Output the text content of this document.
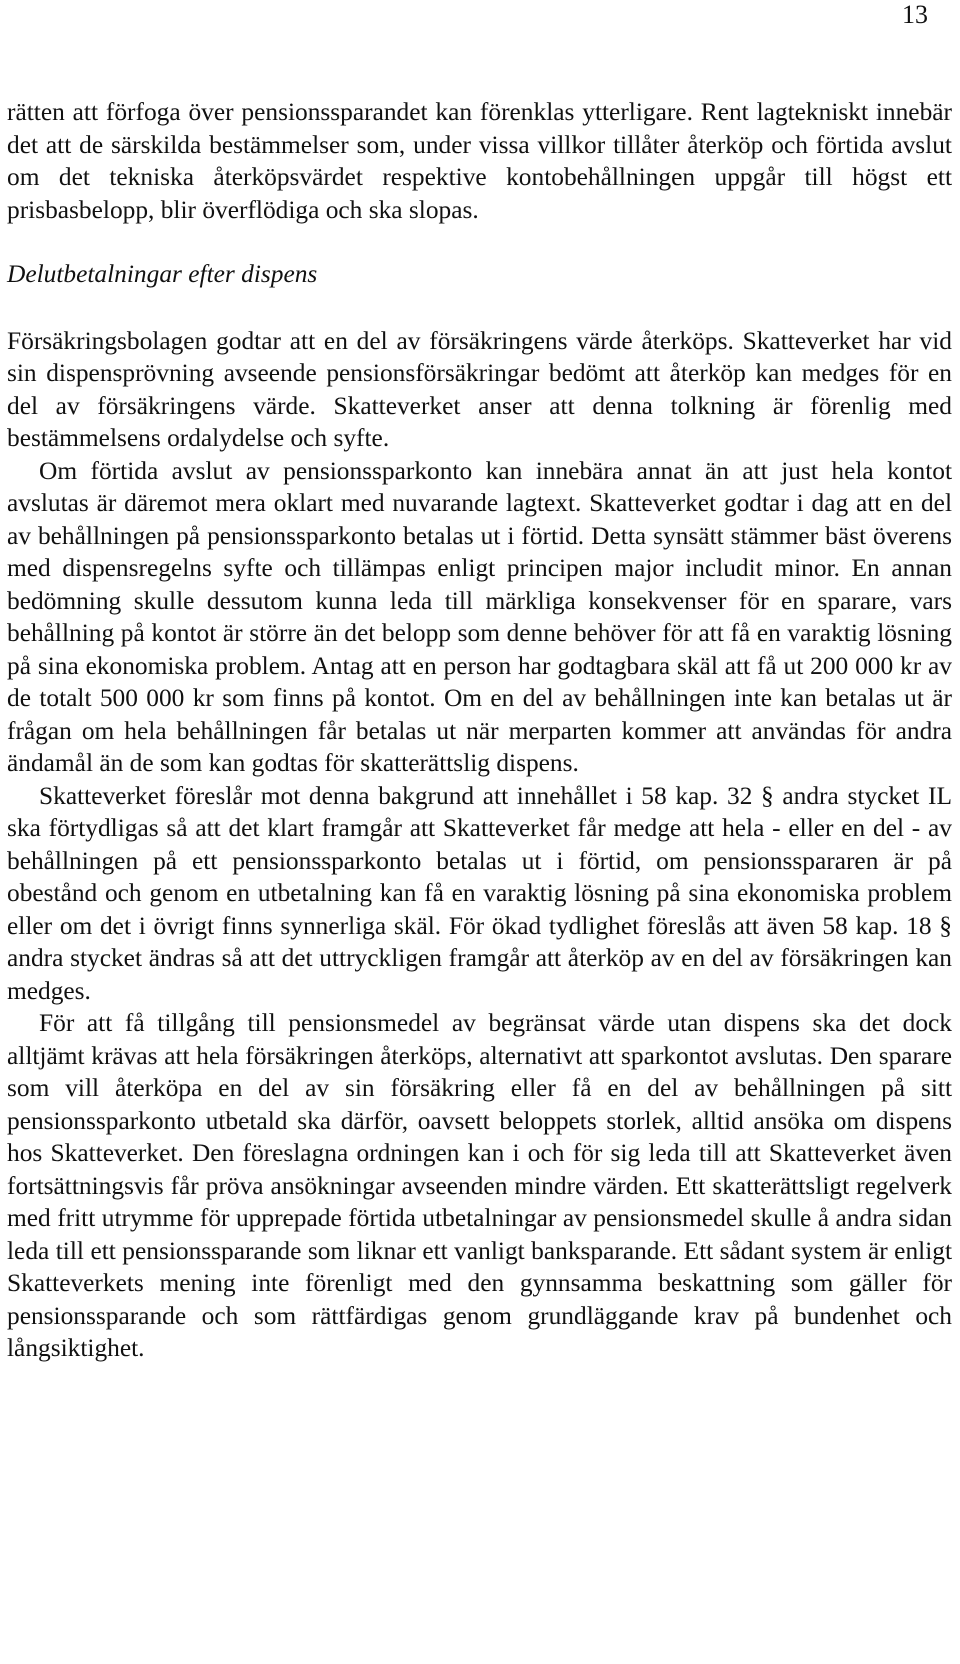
13

rätten att förfoga över pensionssparandet kan förenklas ytterligare. Rent lagtekniskt innebär det att de särskilda bestämmelser som, under vissa villkor tillåter återköp och förtida avslut om det tekniska återköpsvärdet respektive kontobehållningen uppgår till högst ett prisbasbelopp, blir överflödiga och ska slopas.

Delutbetalningar efter dispens

Försäkringsbolagen godtar att en del av försäkringens värde återköps. Skatteverket har vid sin dispensprövning avseende pensionsförsäkringar bedömt att återköp kan medges för en del av försäkringens värde. Skatteverket anser att denna tolkning är förenlig med bestämmelsens ordalydelse och syfte.

Om förtida avslut av pensionssparkonto kan innebära annat än att just hela kontot avslutas är däremot mera oklart med nuvarande lagtext. Skatteverket godtar i dag att en del av behållningen på pensionssparkonto betalas ut i förtid. Detta synsätt stämmer bäst överens med dispensregelns syfte och tillämpas enligt principen major includit minor. En annan bedömning skulle dessutom kunna leda till märkliga konsekvenser för en sparare, vars behållning på kontot är större än det belopp som denne behöver för att få en varaktig lösning på sina ekonomiska problem. Antag att en person har godtagbara skäl att få ut 200 000 kr av de totalt 500 000 kr som finns på kontot. Om en del av behållningen inte kan betalas ut är frågan om hela behållningen får betalas ut när merparten kommer att användas för andra ändamål än de som kan godtas för skatterättslig dispens.

Skatteverket föreslår mot denna bakgrund att innehållet i 58 kap. 32 § andra stycket IL ska förtydligas så att det klart framgår att Skatteverket får medge att hela - eller en del - av behållningen på ett pensionssparkonto betalas ut i förtid, om pensionsspararen är på obestånd och genom en utbetalning kan få en varaktig lösning på sina ekonomiska problem eller om det i övrigt finns synnerliga skäl. För ökad tydlighet föreslås att även 58 kap. 18 § andra stycket ändras så att det uttryckligen framgår att återköp av en del av försäkringen kan medges.

För att få tillgång till pensionsmedel av begränsat värde utan dispens ska det dock alltjämt krävas att hela försäkringen återköps, alternativt att sparkontot avslutas. Den sparare som vill återköpa en del av sin försäkring eller få en del av behållningen på sitt pensionssparkonto utbetald ska därför, oavsett beloppets storlek, alltid ansöka om dispens hos Skatteverket. Den föreslagna ordningen kan i och för sig leda till att Skatteverket även fortsättningsvis får pröva ansökningar avseenden mindre värden. Ett skatterättsligt regelverk med fritt utrymme för upprepade förtida utbetalningar av pensionsmedel skulle å andra sidan leda till ett pensionssparande som liknar ett vanligt banksparande. Ett sådant system är enligt Skatteverkets mening inte förenligt med den gynnsamma beskattning som gäller för pensionssparande och som rättfärdigas genom grundläggande krav på bundenhet och långsiktighet.
